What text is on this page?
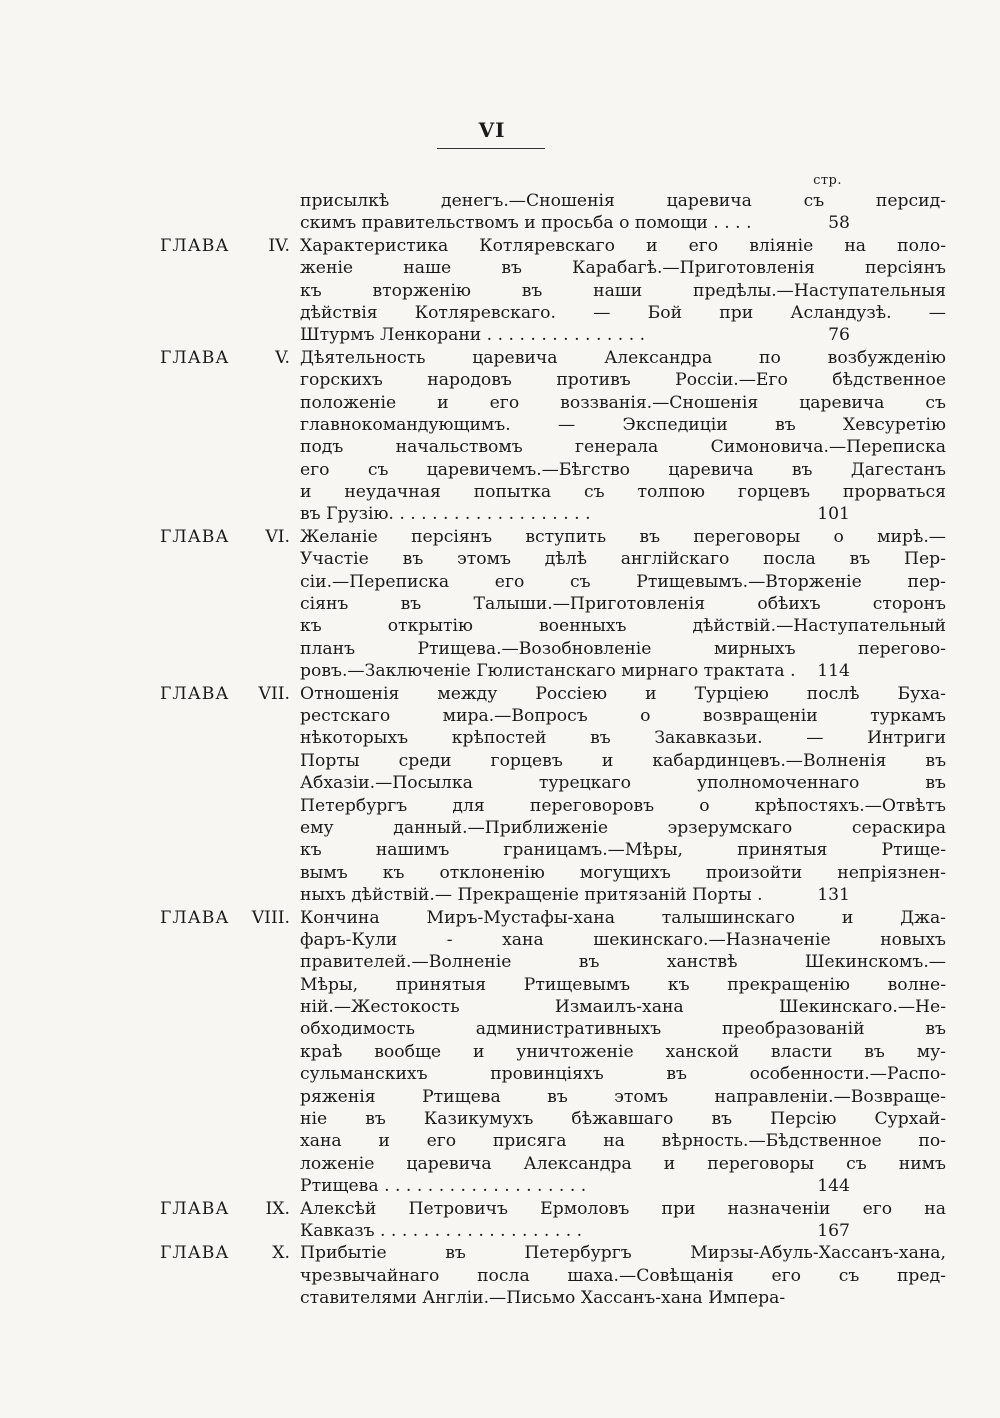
VI
стр.
присылкѣ денегъ.—Сношенія царевича съ персид-
скимъ правительствомъ и просьба о помощи . . . .	58
ГЛАВА IV. Характеристика Котляревскаго и его вліяніе на поло-
женіе наше въ Карабагѣ.—Приготовленія персіянъ
къ вторженію въ наши предѣлы.—Наступательныя
дѣйствія Котляревскаго. — Бой при Асландузѣ. —
Штурмъ Ленкорани . . . . . . . . . . . . . . .	76
ГЛАВА	V. Дѣятельность царевича Александра по возбужденію
горскихъ народовъ противъ Россіи.—Его бѣдственное
положеніе и его воззванія.—Сношенія царевича съ
главнокомандующимъ. — Экспедиціи въ Хевсуретію
подъ начальствомъ генерала Симоновича.—Переписка
его съ царевичемъ.—Бѣгство царевича въ Дагестанъ
и неудачная попытка съ толпою горцевъ прорваться
въ Грузію. . . . . . . . . . . . . . . . . . .	101
ГЛАВА VI. Желаніе персіянъ вступить въ переговоры о мирѣ.—
Участіе въ этомъ дѣлѣ англійскаго посла въ Пер-
сіи.—Переписка его съ Ртищевымъ.—Вторженіе пер-
сіянъ въ Талыши.—Приготовленія обѣихъ сторонъ
къ открытію военныхъ дѣйствій.—Наступательный
планъ Ртищева.—Возобновленіе мирныхъ перегово-
ровъ.—Заключеніе Гюлистанскаго мирнаго трактата .	114
ГЛАВА VII. Отношенія между Россіею и Турціею послѣ Буха-
рестскаго мира.—Вопросъ о возвращеніи туркамъ
нѣкоторыхъ крѣпостей въ Закавказьи. — Интриги
Порты среди горцевъ и кабардинцевъ.—Волненія въ
Абхазіи.—Посылка турецкаго уполномоченнаго въ
Петербургъ для переговоровъ о крѣпостяхъ.—Отвѣтъ
ему данный.—Приближеніе эрзерумскаго сераскира
къ нашимъ границамъ.—Мѣры, принятыя Ртище-
вымъ къ отклоненію могущихъ произойти непріязнен-
ныхъ дѣйствій.— Прекращеніе притязаній Порты .	131
ГЛАВА VIII. Кончина Миръ-Мустафы-хана талышинскаго и Джа-
фаръ-Кули - хана шекинскаго.—Назначеніе новыхъ
правителей.—Волненіе въ ханствѣ Шекинскомъ.—
Мѣры, принятыя Ртищевымъ къ прекращенію волне-
ній.—Жестокость Измаилъ-хана Шекинскаго.—Не-
обходимость административныхъ преобразованій въ
краѣ вообще и уничтоженіе ханской власти въ му-
сульманскихъ провинціяхъ въ особенности.—Распо-
ряженія Ртищева въ этомъ направленіи.—Возвраще-
ніе въ Казикумухъ бѣжавшаго въ Персію Сурхай-
хана и его присяга на вѣрность.—Бѣдственное по-
ложеніе царевича Александра и переговоры съ нимъ
Ртищева . . . . . . . . . . . . . . . . . . .	144
ГЛАВА IX. Алексѣй Петровичъ Ермоловъ при назначеніи его на
Кавказъ . . . . . . . . . . . . . . . . . . .	167
ГЛАВА X. Прибытіе въ Петербургъ Мирзы-Абуль-Хассанъ-хана,
чрезвычайнаго посла шаха.—Совѣщанія его съ пред-
ставителями Англіи.—Письмо Хассанъ-хана Импера-
